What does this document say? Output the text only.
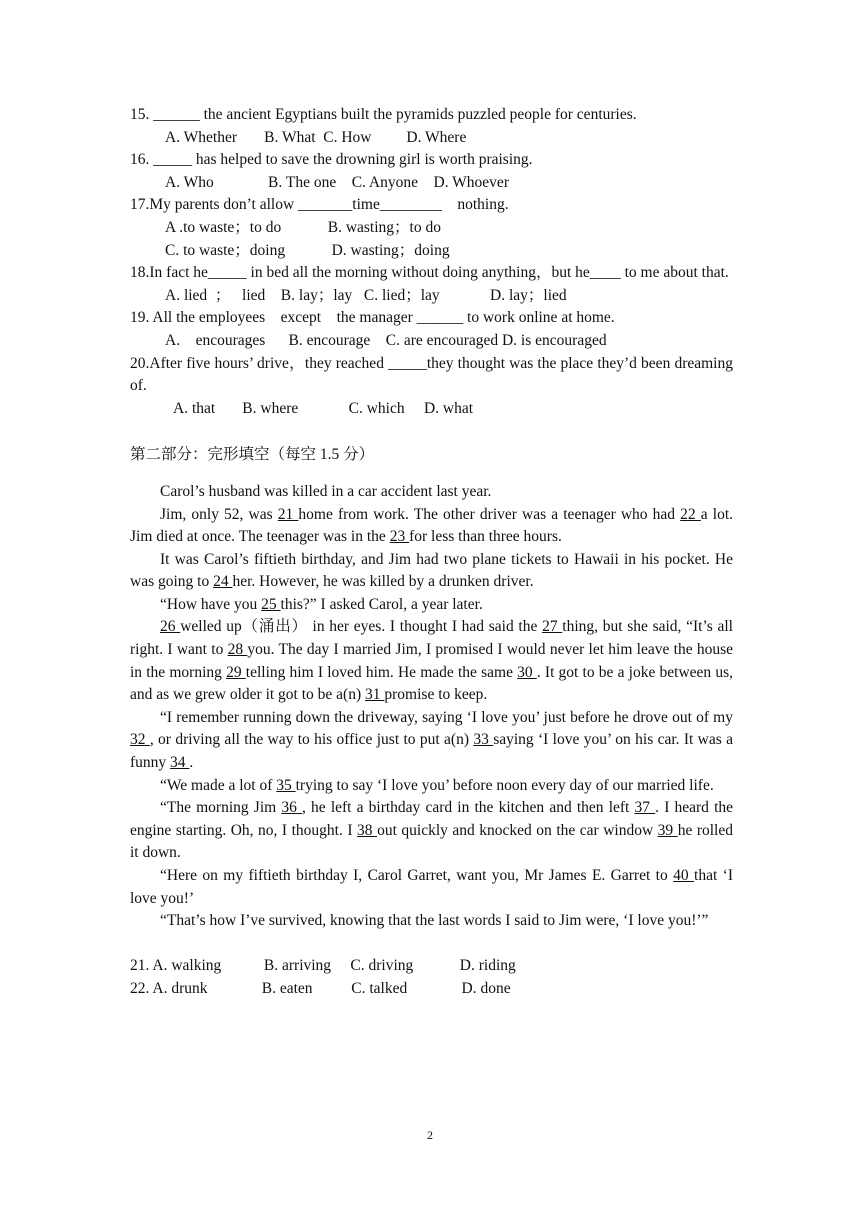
15. ______ the ancient Egyptians built the pyramids puzzled people for centuries.
A. Whether       B. What  C. How         D. Where
16. _____ has helped to save the drowning girl is worth praising.
A. Who              B. The one    C. Anyone    D. Whoever
17.My parents don’t allow _______time________    nothing.
A .to waste；to do            B. wasting；to do
C. to waste；doing            D. wasting；doing
18.In fact he_____ in bed all the morning without doing anything，but he____ to me about that.
A. lied  ；   lied    B. lay；lay   C. lied；lay             D. lay；lied
19. All the employees    except    the manager ______ to work online at home.
A.    encourages      B. encourage    C. are encouraged D. is encouraged
20.After five hours’ drive，they reached _____they thought was the place they’d been dreaming of.
A. that       B. where             C. which     D. what
第二部分：完形填空（每空 1.5 分）
Carol’s husband was killed in a car accident last year.
Jim, only 52, was 21 home from work. The other driver was a teenager who had 22 a lot. Jim died at once. The teenager was in the 23 for less than three hours.
It was Carol’s fiftieth birthday, and Jim had two plane tickets to Hawaii in his pocket. He was going to 24 her. However, he was killed by a drunken driver.
“How have you 25 this?” I asked Carol, a year later.
26 welled up（涌出） in her eyes. I thought I had said the 27 thing, but she said, “It’s all right. I want to 28 you. The day I married Jim, I promised I would never let him leave the house in the morning 29 telling him I loved him. He made the same 30 . It got to be a joke between us, and as we grew older it got to be a(n) 31 promise to keep.
“I remember running down the driveway, saying ‘I love you’ just before he drove out of my 32 , or driving all the way to his office just to put a(n) 33 saying ‘I love you’ on his car. It was a funny 34 .
“We made a lot of 35 trying to say ‘I love you’ before noon every day of our married life.
“The morning Jim 36 , he left a birthday card in the kitchen and then left 37 . I heard the engine starting. Oh, no, I thought. I 38 out quickly and knocked on the car window 39 he rolled it down.
“Here on my fiftieth birthday I, Carol Garret, want you, Mr James E. Garret to 40 that ‘I love you!’
“That’s how I’ve survived, knowing that the last words I said to Jim were, ‘I love you!’”
21. A. walking           B. arriving     C. driving            D. riding
22. A. drunk              B. eaten          C. talked              D. done
2
